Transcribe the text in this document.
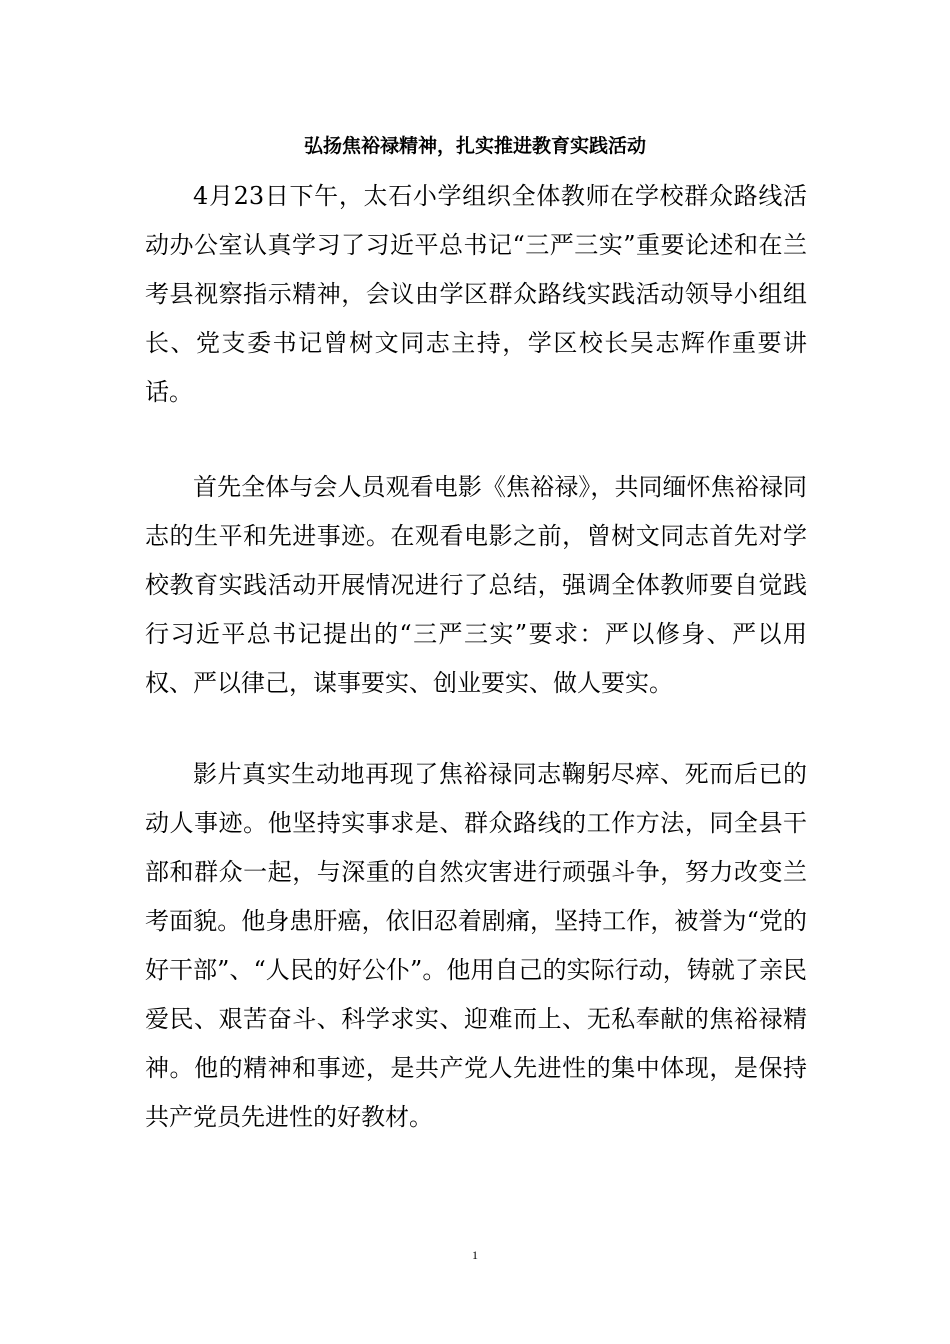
弘扬焦裕禄精神，扎实推进教育实践活动

4月23日下午，太石小学组织全体教师在学校群众路线活动办公室认真学习了习近平总书记“三严三实”重要论述和在兰考县视察指示精神，会议由学区群众路线实践活动领导小组组长、党支委书记曾树文同志主持，学区校长吴志辉作重要讲话。

首先全体与会人员观看电影《焦裕禄》，共同缅怀焦裕禄同志的生平和先进事迹。在观看电影之前，曾树文同志首先对学校教育实践活动开展情况进行了总结，强调全体教师要自觉践行习近平总书记提出的“三严三实”要求：严以修身、严以用权、严以律己，谋事要实、创业要实、做人要实。

影片真实生动地再现了焦裕禄同志鞠躬尽瘁、死而后已的动人事迹。他坚持实事求是、群众路线的工作方法，同全县干部和群众一起，与深重的自然灾害进行顽强斗争，努力改变兰考面貌。他身患肝癌，依旧忍着剧痛，坚持工作，被誉为“党的好干部”、“人民的好公仆”。他用自己的实际行动，铸就了亲民爱民、艰苦奋斗、科学求实、迎难而上、无私奉献的焦裕禄精神。他的精神和事迹，是共产党人先进性的集中体现，是保持共产党员先进性的好教材。

1
